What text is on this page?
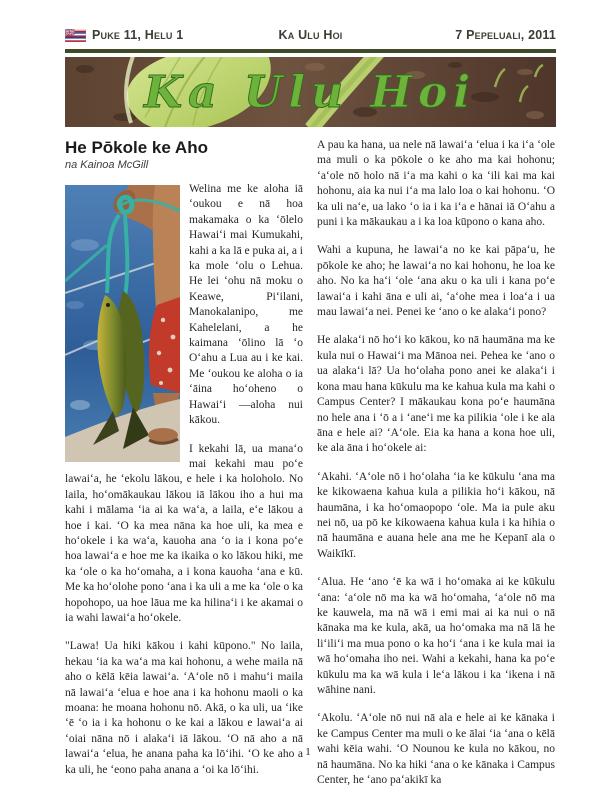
Puke 11, Helu 1	Ka Ulu Hoi	7 Pepeluali, 2011
Ka Ulu Hoi
He Pōkole ke Aho
na Kainoa McGill

Welina me ke aloha iā ʻoukou e nā hoa makamaka o ka ʻōlelo Hawaiʻi mai Kumukahi, kahi a ka lā e puka ai, a i ka mole ʻolu o Lehua. He lei ʻohu nā moku o Keawe, Piʻilani, Manokalanipo, me Kahelelani, a he kaimana ʻōlino lā ʻo Oʻahu a Lua au i ke kai. Me ʻoukou ke aloha o ia ʻāina hoʻoheno o Hawaiʻi —aloha nui kākou.

I kekahi lā, ua manaʻo mai kekahi mau poʻe lawaiʻa, he ʻekolu lākou, e hele i ka holoholo. No laila, hoʻomākaukau lākou iā lākou iho a hui ma kahi i mālama ʻia ai ka waʻa, a laila, eʻe lākou a hoe i kai. ʻO ka mea nāna ka hoe uli, ka mea e hoʻokele i ka waʻa, kauoha ana ʻo ia i kona poʻe hoa lawaiʻa e hoe me ka ikaika o ko lākou hiki, me ka ʻole o ka hoʻomaha, a i kona kauoha ʻana e kū. Me ka hoʻolohe pono ʻana i ka uli a me ka ʻole o ka hopohopo, ua hoe lāua me ka hilinaʻi i ke akamai o ia wahi lawaiʻa hoʻokele.

"Lawa! Ua hiki kākou i kahi kūpono." No laila, hekau ʻia ka waʻa ma kai hohonu, a wehe maila nā aho o kēlā kēia lawaiʻa. ʻAʻole nō i mahuʻi maila nā lawaiʻa ʻelua e hoe ana i ka hohonu maoli o ka moana: he moana hohonu nō. Akā, o ka uli, ua ʻike ʻē ʻo ia i ka hohonu o ke kai a lākou e lawaiʻa ai ʻoiai nāna nō i alakaʻi iā lākou. ʻO nā aho a nā lawaiʻa ʻelua, he anana paha ka lōʻihi. ʻO ke aho a ka uli, he ʻeono paha anana a ʻoi ka lōʻihi.

A pau ka hana, ua nele nā lawaiʻa ʻelua i ka iʻa ʻole ma muli o ka pōkole o ke aho ma kai hohonu; ʻaʻole nō holo nā iʻa ma kahi o ka ʻili kai ma kai hohonu, aia ka nui iʻa ma lalo loa o kai hohonu. ʻO ka uli naʻe, ua lako ʻo ia i ka iʻa e hānai iā Oʻahu a puni i ka mākaukau a i ka loa kūpono o kana aho.

Wahi a kupuna, he lawaiʻa no ke kai pāpaʻu, he pōkole ke aho; he lawaiʻa no kai hohonu, he loa ke aho. No ka haʻi ʻole ʻana aku o ka uli i kana poʻe lawaiʻa i kahi āna e uli ai, ʻaʻohe mea i loaʻa i ua mau lawaiʻa nei. Penei ke ʻano o ke alakaʻi pono?

He alakaʻi nō hoʻi ko kākou, ko nā haumāna ma ke kula nui o Hawaiʻi ma Mānoa nei. Pehea ke ʻano o ua alakaʻi lā? Ua hoʻolaha pono anei ke alakaʻi i kona mau hana kūkulu ma ke kahua kula ma kahi o Campus Center? I mākaukau kona poʻe haumāna no hele ana i ʻō a i ʻaneʻi me ka pilikia ʻole i ke ala āna e hele ai? ʻAʻole. Eia ka hana a kona hoe uli, ke ala āna i hoʻokele ai:

ʻAkahi. ʻAʻole nō i hoʻolaha ʻia ke kūkulu ʻana ma ke kikowaena kahua kula a pilikia hoʻi kākou, nā haumāna, i ka hoʻomaopopo ʻole. Ma ia pule aku nei nō, ua pō ke kikowaena kahua kula i ka hihia o nā haumāna e auana hele ana me he Kepanī ala o Waikīkī.

ʻAlua. He ʻano ʻē ka wā i hoʻomaka ai ke kūkulu ʻana: ʻaʻole nō ma ka wā hoʻomaha, ʻaʻole nō ma ke kauwela, ma nā wā i emi mai ai ka nui o nā kānaka ma ke kula, akā, ua hoʻomaka ma nā lā he liʻiliʻi ma mua pono o ka hoʻi ʻana i ke kula mai ia wā hoʻomaha iho nei. Wahi a kekahi, hana ka poʻe kūkulu ma ka wā kula i leʻa lākou i ka ʻikena i nā wāhine nani.

ʻAkolu. ʻAʻole nō nui nā ala e hele ai ke kānaka i ke Campus Center ma muli o ke ālai ʻia ʻana o kēlā wahi kēia wahi. ʻO Nounou ke kula no kākou, no nā haumāna. No ka hiki ʻana o ke kānaka i Campus Center, he ʻano paʻakikī ka

1
